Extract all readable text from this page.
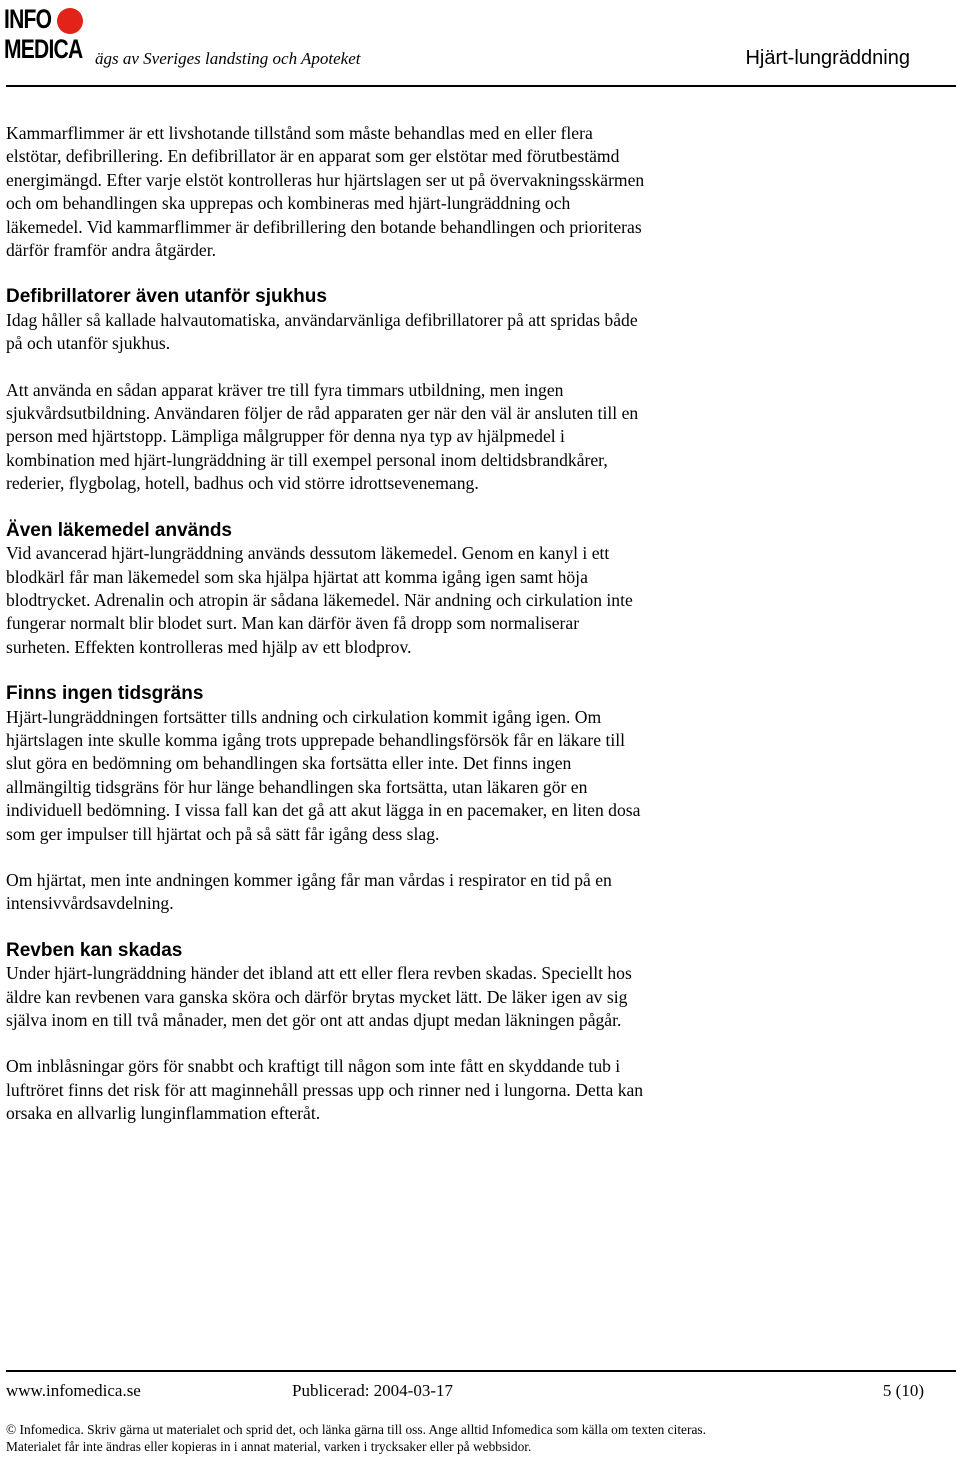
INFO
MEDICA ägs av Sveriges landsting och Apoteket	Hjärt-lungräddning

Kammarflimmer är ett livshotande tillstånd som måste behandlas med en eller flera elstötar, defibrillering. En defibrillator är en apparat som ger elstötar med förutbestämd energimängd. Efter varje elstöt kontrolleras hur hjärtslagen ser ut på övervakningsskärmen och om behandlingen ska upprepas och kombineras med hjärt-lungräddning och läkemedel. Vid kammarflimmer är defibrillering den botande behandlingen och prioriteras därför framför andra åtgärder.

Defibrillatorer även utanför sjukhus

Idag håller så kallade halvautomatiska, användarvänliga defibrillatorer på att spridas både på och utanför sjukhus.

Att använda en sådan apparat kräver tre till fyra timmars utbildning, men ingen sjukvårdsutbildning. Användaren följer de råd apparaten ger när den väl är ansluten till en person med hjärtstopp. Lämpliga målgrupper för denna nya typ av hjälpmedel i kombination med hjärt-lungräddning är till exempel personal inom deltidsbrandkårer, rederier, flygbolag, hotell, badhus och vid större idrottsevenemang.

Även läkemedel används

Vid avancerad hjärt-lungräddning används dessutom läkemedel. Genom en kanyl i ett blodkärl får man läkemedel som ska hjälpa hjärtat att komma igång igen samt höja blodtrycket. Adrenalin och atropin är sådana läkemedel. När andning och cirkulation inte fungerar normalt blir blodet surt. Man kan därför även få dropp som normaliserar surheten. Effekten kontrolleras med hjälp av ett blodprov.

Finns ingen tidsgräns

Hjärt-lungräddningen fortsätter tills andning och cirkulation kommit igång igen. Om hjärtslagen inte skulle komma igång trots upprepade behandlingsförsök får en läkare till slut göra en bedömning om behandlingen ska fortsätta eller inte. Det finns ingen allmängiltig tidsgräns för hur länge behandlingen ska fortsätta, utan läkaren gör en individuell bedömning. I vissa fall kan det gå att akut lägga in en pacemaker, en liten dosa som ger impulser till hjärtat och på så sätt får igång dess slag.

Om hjärtat, men inte andningen kommer igång får man vårdas i respirator en tid på en intensivvårdsavdelning.

Revben kan skadas

Under hjärt-lungräddning händer det ibland att ett eller flera revben skadas. Speciellt hos äldre kan revbenen vara ganska sköra och därför brytas mycket lätt. De läker igen av sig själva inom en till två månader, men det gör ont att andas djupt medan läkningen pågår.

Om inblåsningar görs för snabbt och kraftigt till någon som inte fått en skyddande tub i luftröret finns det risk för att maginnehåll pressas upp och rinner ned i lungorna. Detta kan orsaka en allvarlig lunginflammation efteråt.

www.infomedica.se	Publicerad: 2004-03-17	5 (10)
© Infomedica. Skriv gärna ut materialet och sprid det, och länka gärna till oss. Ange alltid Infomedica som källa om texten citeras.
Materialet får inte ändras eller kopieras in i annat material, varken i trycksaker eller på webbsidor.
